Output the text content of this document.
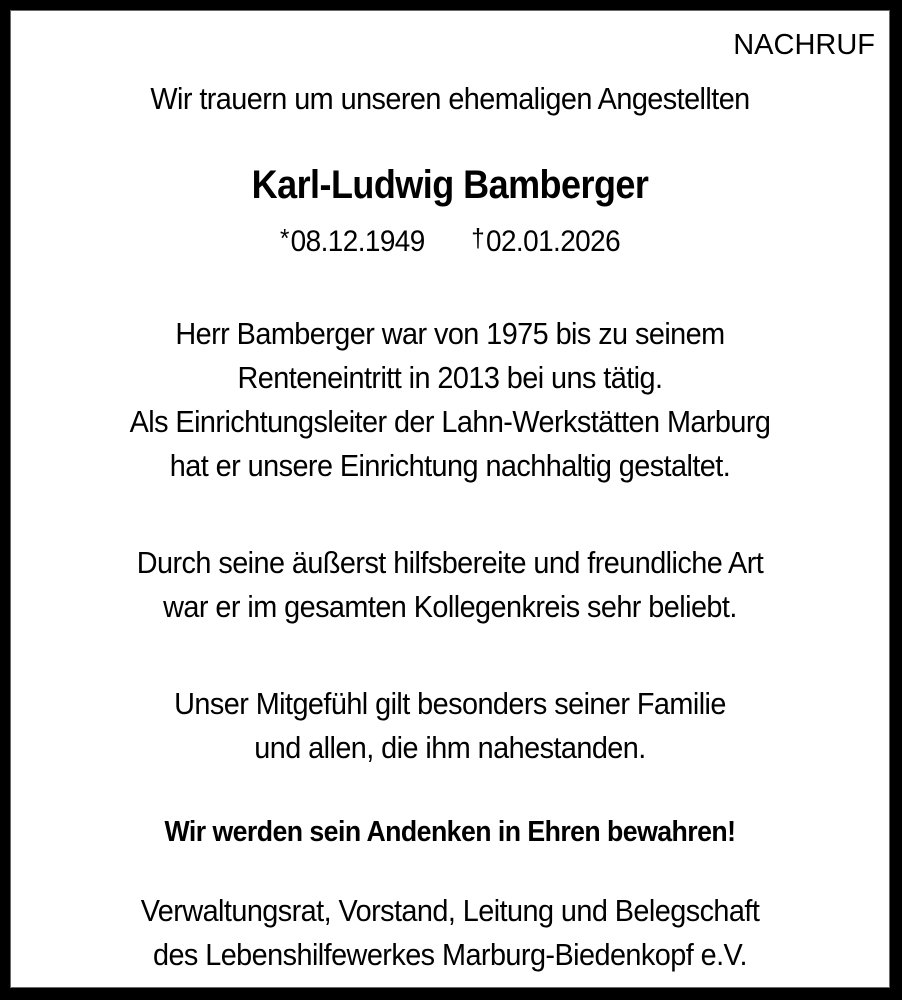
NACHRUF
Wir trauern um unseren ehemaligen Angestellten
Karl-Ludwig Bamberger
*08.12.1949 †02.01.2026
Herr Bamberger war von 1975 bis zu seinem
Renteneintritt in 2013 bei uns tätig.
Als Einrichtungsleiter der Lahn-Werkstätten Marburg
hat er unsere Einrichtung nachhaltig gestaltet.
Durch seine äußerst hilfsbereite und freundliche Art
war er im gesamten Kollegenkreis sehr beliebt.
Unser Mitgefühl gilt besonders seiner Familie
und allen, die ihm nahestanden.
Wir werden sein Andenken in Ehren bewahren!
Verwaltungsrat, Vorstand, Leitung und Belegschaft
des Lebenshilfewerkes Marburg-Biedenkopf e.V.
